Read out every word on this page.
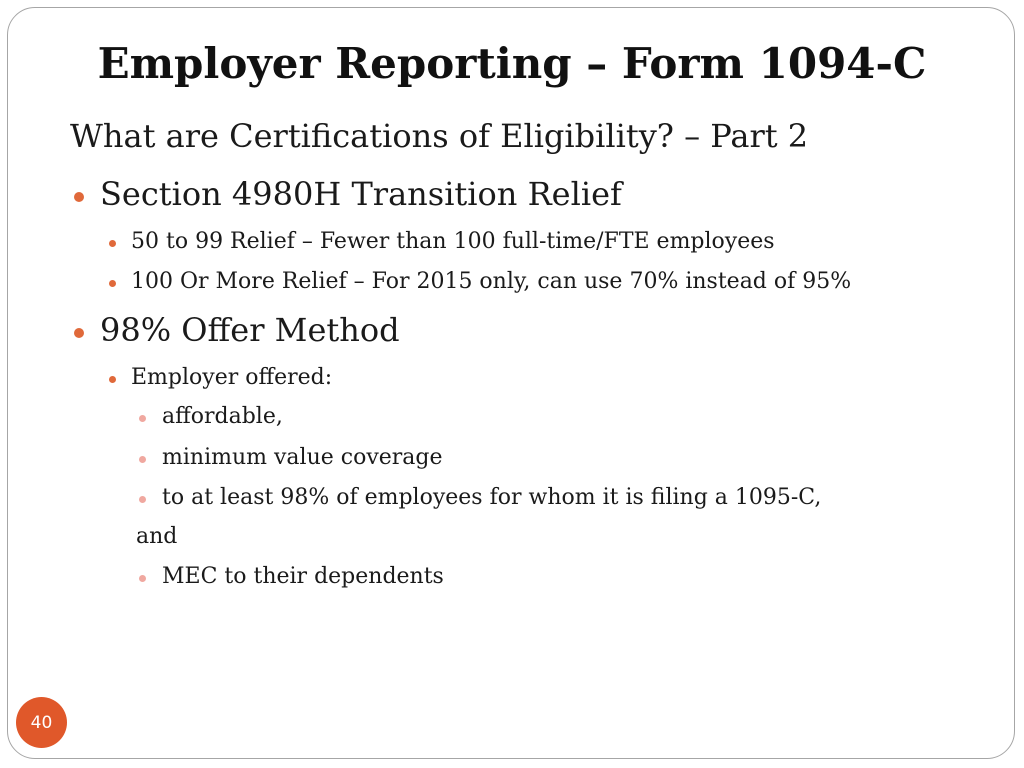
Employer Reporting – Form 1094-C

What are Certifications of Eligibility? – Part 2

Section 4980H Transition Relief

50 to 99 Relief – Fewer than 100 full-time/FTE employees

100 Or More Relief – For 2015 only, can use 70% instead of 95%

98% Offer Method

Employer offered:

affordable,

minimum value coverage

to at least 98% of employees for whom it is filing a 1095-C,

and

MEC to their dependents

40
